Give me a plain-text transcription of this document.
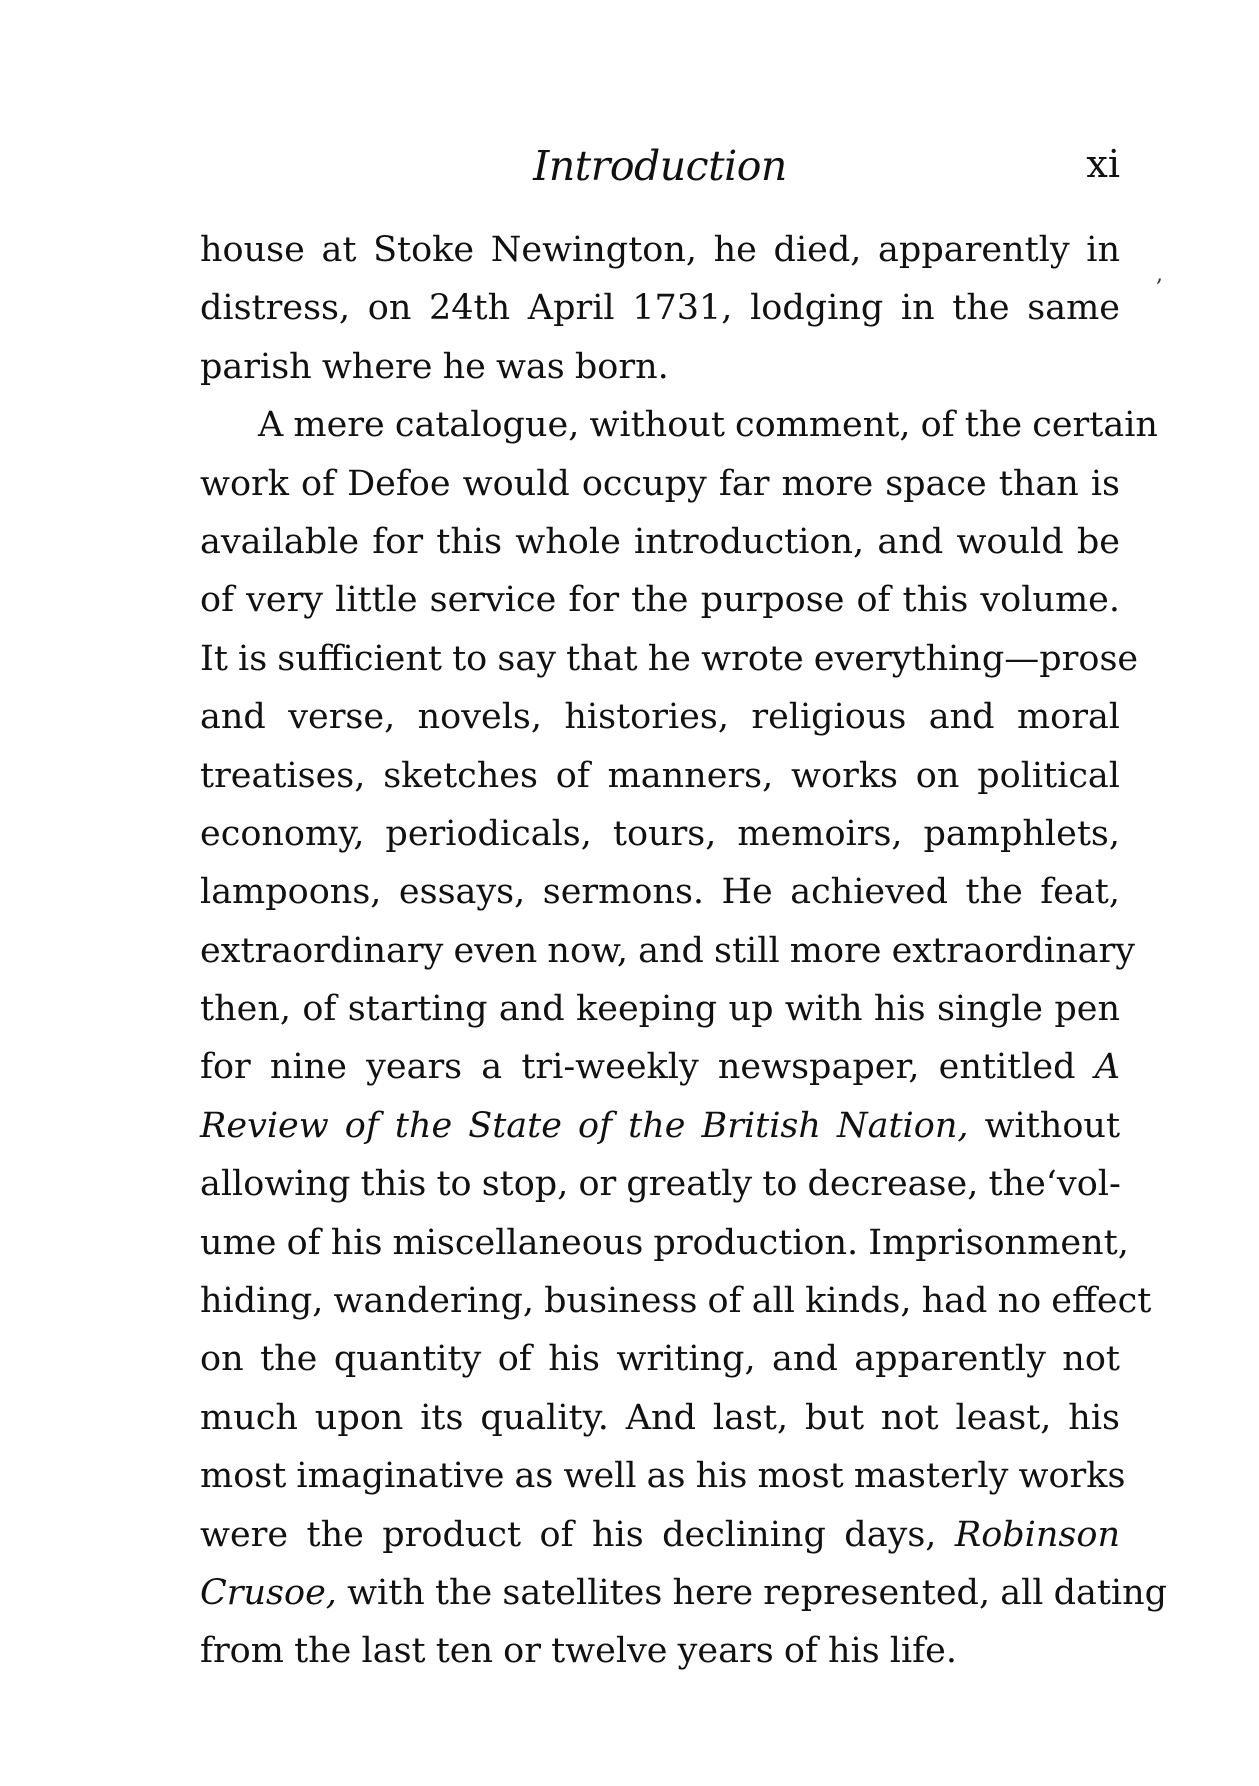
Introduction	xi
,
house at Stoke Newington, he died, apparently in
distress, on 24th April 1731, lodging in the same
parish where he was born.
A mere catalogue, without comment, of the certain
work of Defoe would occupy far more space than is
available for this whole introduction, and would be
of very little service for the purpose of this volume.
It is sufficient to say that he wrote everything—prose
and verse, novels, histories, religious and moral
treatises, sketches of manners, works on political
economy, periodicals, tours, memoirs, pamphlets,
lampoons, essays, sermons. He achieved the feat,
extraordinary even now, and still more extraordinary
then, of starting and keeping up with his single pen
for nine years a tri-weekly newspaper, entitled A
Review of the State of the British Nation, without
allowing this to stop, or greatly to decrease, the‘vol-
ume of his miscellaneous production. Imprisonment,
hiding, wandering, business of all kinds, had no effect
on the quantity of his writing, and apparently not
much upon its quality. And last, but not least, his
most imaginative as well as his most masterly works
were the product of his declining days, Robinson
Crusoe, with the satellites here represented, all dating
from the last ten or twelve years of his life.
